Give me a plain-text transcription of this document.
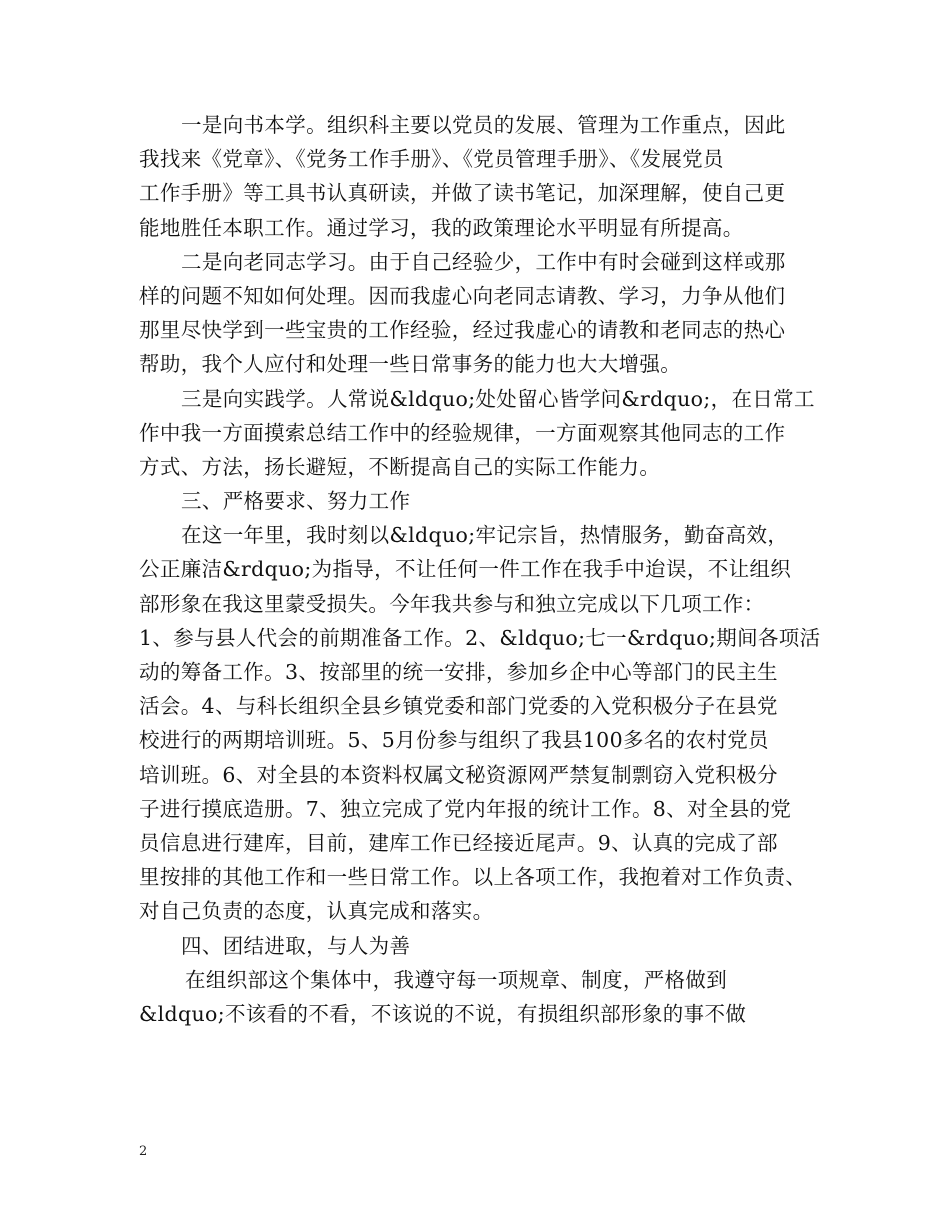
一是向书本学。组织科主要以党员的发展、管理为工作重点，因此
我找来《党章》、《党务工作手册》、《党员管理手册》、《发展党员
工作手册》等工具书认真研读，并做了读书笔记，加深理解，使自己更
能地胜任本职工作。通过学习，我的政策理论水平明显有所提高。
二是向老同志学习。由于自己经验少，工作中有时会碰到这样或那
样的问题不知如何处理。因而我虚心向老同志请教、学习，力争从他们
那里尽快学到一些宝贵的工作经验，经过我虚心的请教和老同志的热心
帮助，我个人应付和处理一些日常事务的能力也大大增强。
三是向实践学。人常说&ldquo;处处留心皆学问&rdquo;，在日常工
作中我一方面摸索总结工作中的经验规律，一方面观察其他同志的工作
方式、方法，扬长避短，不断提高自己的实际工作能力。
三、严格要求、努力工作
在这一年里，我时刻以&ldquo;牢记宗旨，热情服务，勤奋高效，
公正廉洁&rdquo;为指导，不让任何一件工作在我手中迨误，不让组织
部形象在我这里蒙受损失。今年我共参与和独立完成以下几项工作：
1、参与县人代会的前期准备工作。2、&ldquo;七一&rdquo;期间各项活
动的筹备工作。3、按部里的统一安排，参加乡企中心等部门的民主生
活会。4、与科长组织全县乡镇党委和部门党委的入党积极分子在县党
校进行的两期培训班。5、5月份参与组织了我县100多名的农村党员
培训班。6、对全县的本资料权属文秘资源网严禁复制剽窃入党积极分
子进行摸底造册。7、独立完成了党内年报的统计工作。8、对全县的党
员信息进行建库，目前，建库工作已经接近尾声。9、认真的完成了部
里按排的其他工作和一些日常工作。以上各项工作，我抱着对工作负责、
对自己负责的态度，认真完成和落实。
四、团结进取，与人为善
在组织部这个集体中，我遵守每一项规章、制度，严格做到
&ldquo;不该看的不看，不该说的不说，有损组织部形象的事不做
2
